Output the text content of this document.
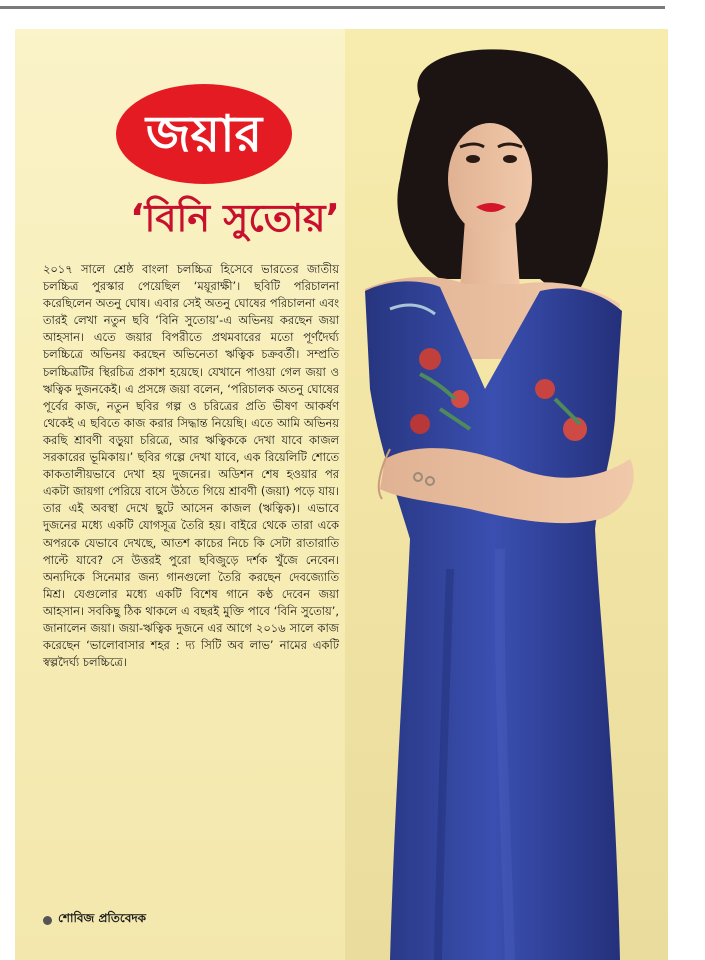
জয়ার
‘বিনি সুতোয়’
২০১৭ সালে শ্রেষ্ঠ বাংলা চলচ্চিত্র হিসেবে ভারতের জাতীয় চলচ্চিত্র পুরস্কার পেয়েছিল ‘ময়ূরাক্ষী’। ছবিটি পরিচালনা করেছিলেন অতনু ঘোষ। এবার সেই অতনু ঘোষের পরিচালনা এবং তারই লেখা নতুন ছবি ‘বিনি সুতোয়’-এ অভিনয় করছেন জয়া আহসান। এতে জয়ার বিপরীতে প্রথমবারের মতো পূর্ণদৈর্ঘ্য চলচ্চিত্রে অভিনয় করছেন অভিনেতা ঋত্বিক চক্রবর্তী। সম্প্রতি চলচ্চিত্রটির স্থিরচিত্র প্রকাশ হয়েছে। যেখানে পাওয়া গেল জয়া ও ঋত্বিক দুজনকেই। এ প্রসঙ্গে জয়া বলেন, ‘পরিচালক অতনু ঘোষের পূর্বের কাজ, নতুন ছবির গল্প ও চরিত্রের প্রতি ভীষণ আকর্ষণ থেকেই এ ছবিতে কাজ করার সিদ্ধান্ত নিয়েছি। এতে আমি অভিনয় করছি শ্রাবণী বড়ুয়া চরিত্রে, আর ঋত্বিককে দেখা যাবে কাজল সরকারের ভূমিকায়।’ ছবির গল্পে দেখা যাবে, এক রিয়েলিটি শোতে কাকতালীয়ভাবে দেখা হয় দুজনের। অডিশন শেষ হওয়ার পর একটা জায়গা পেরিয়ে বাসে উঠতে গিয়ে শ্রাবণী (জয়া) পড়ে যায়। তার এই অবস্থা দেখে ছুটে আসেন কাজল (ঋত্বিক)। এভাবে দুজনের মধ্যে একটি যোগসূত্র তৈরি হয়। বাইরে থেকে তারা একে অপরকে যেভাবে দেখছে, আতশ কাচের নিচে কি সেটা রাতারাতি পাল্টে যাবে? সে উত্তরই পুরো ছবিজুড়ে দর্শক খুঁজে নেবেন। অন্যদিকে সিনেমার জন্য গানগুলো তৈরি করছেন দেবজ্যোতি মিশ্র। যেগুলোর মধ্যে একটি বিশেষ গানে কণ্ঠ দেবেন জয়া আহসান। সবকিছু ঠিক থাকলে এ বছরই মুক্তি পাবে ‘বিনি সুতোয়’, জানালেন জয়া। জয়া-ঋত্বিক দুজনে এর আগে ২০১৬ সালে কাজ করেছেন ‘ভালোবাসার শহর : দ্য সিটি অব লাভ’ নামের একটি স্বল্পদৈর্ঘ্য চলচ্চিত্রে।
শোবিজ প্রতিবেদক
